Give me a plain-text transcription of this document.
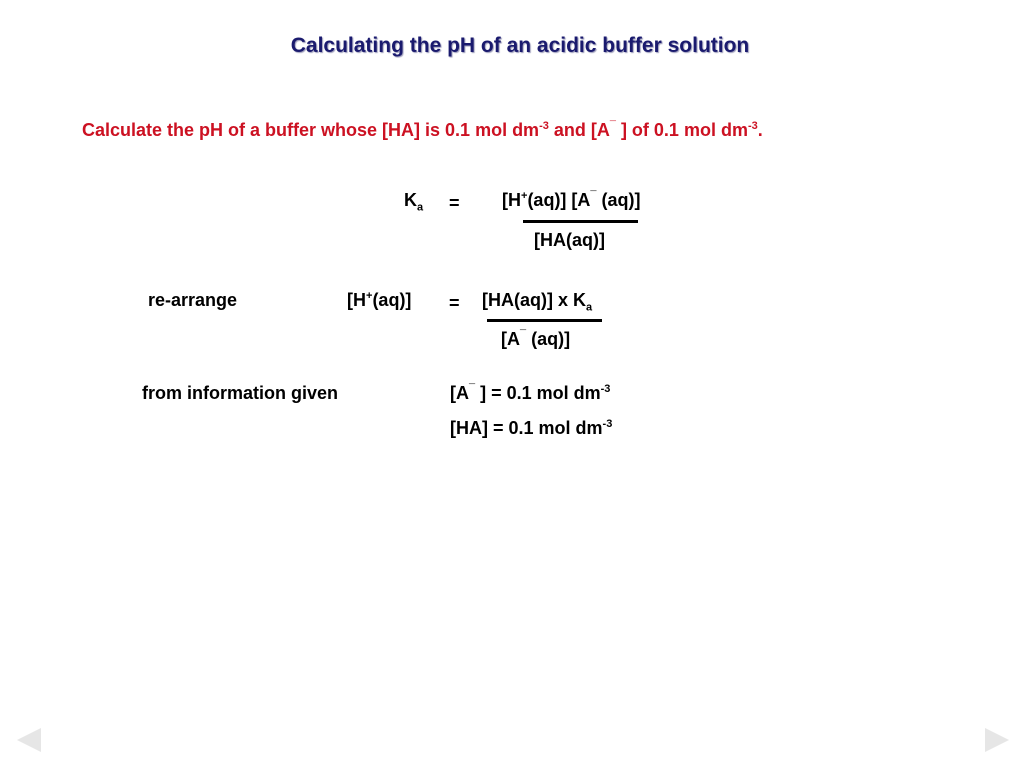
Calculating the pH of an acidic buffer solution
Calculate the pH of a buffer whose [HA] is 0.1 mol $dm^{-3}$ and [A¯ ] of 0.1 mol $dm^{-3}$.
$K_a = [H^+(aq)]$ [A¯ (aq)]
[HA(aq)]
re-arrange	[H+(aq)] = [HA(aq)] x $K_a$
[A¯ (aq)]
from information given	[A¯ ] = 0.1 mol $dm^{-3}$
[HA] = 0.1 mol $dm^{-3}$
